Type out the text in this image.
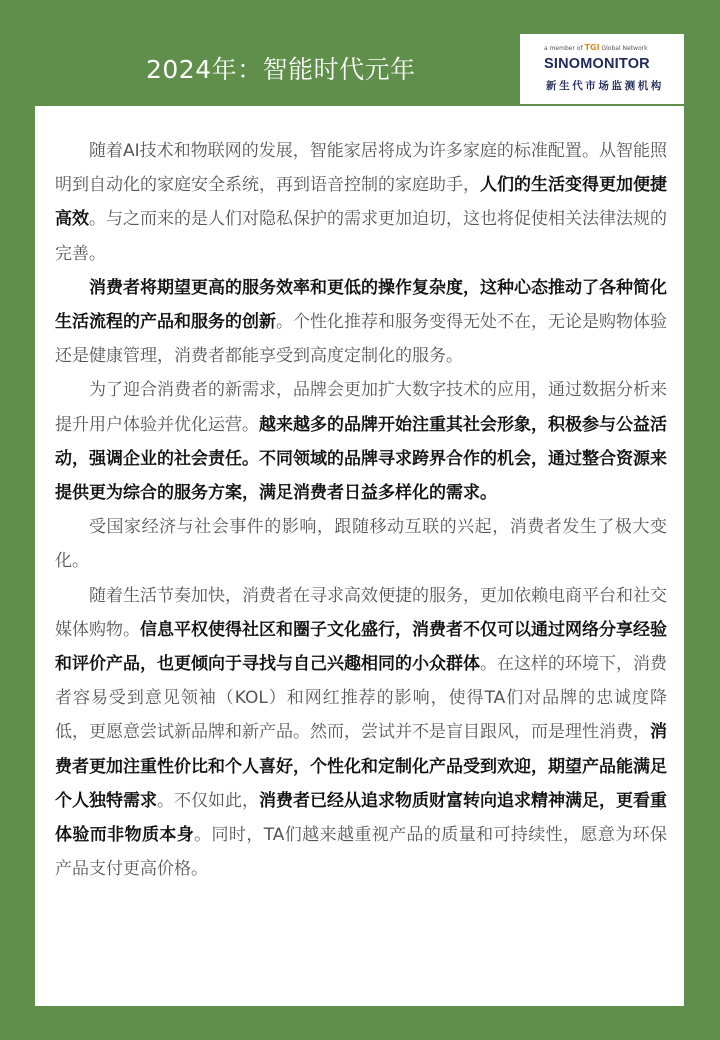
2024年：智能时代元年
a member of TGI Global Network
SINOMONITOR
新生代市场监测机构

随着AI技术和物联网的发展，智能家居将成为许多家庭的标准配置。从智能照明到自动化的家庭安全系统，再到语音控制的家庭助手，人们的生活变得更加便捷高效。与之而来的是人们对隐私保护的需求更加迫切，这也将促使相关法律法规的完善。

消费者将期望更高的服务效率和更低的操作复杂度，这种心态推动了各种简化生活流程的产品和服务的创新。个性化推荐和服务变得无处不在，无论是购物体验还是健康管理，消费者都能享受到高度定制化的服务。

为了迎合消费者的新需求，品牌会更加扩大数字技术的应用，通过数据分析来提升用户体验并优化运营。越来越多的品牌开始注重其社会形象，积极参与公益活动，强调企业的社会责任。不同领域的品牌寻求跨界合作的机会，通过整合资源来提供更为综合的服务方案，满足消费者日益多样化的需求。

受国家经济与社会事件的影响，跟随移动互联的兴起，消费者发生了极大变化。

随着生活节奏加快，消费者在寻求高效便捷的服务，更加依赖电商平台和社交媒体购物。信息平权使得社区和圈子文化盛行，消费者不仅可以通过网络分享经验和评价产品，也更倾向于寻找与自己兴趣相同的小众群体。在这样的环境下，消费者容易受到意见领袖（KOL）和网红推荐的影响，使得TA们对品牌的忠诚度降低，更愿意尝试新品牌和新产品。然而，尝试并不是盲目跟风，而是理性消费，消费者更加注重性价比和个人喜好，个性化和定制化产品受到欢迎，期望产品能满足个人独特需求。不仅如此，消费者已经从追求物质财富转向追求精神满足，更看重体验而非物质本身。同时，TA们越来越重视产品的质量和可持续性，愿意为环保产品支付更高价格。
